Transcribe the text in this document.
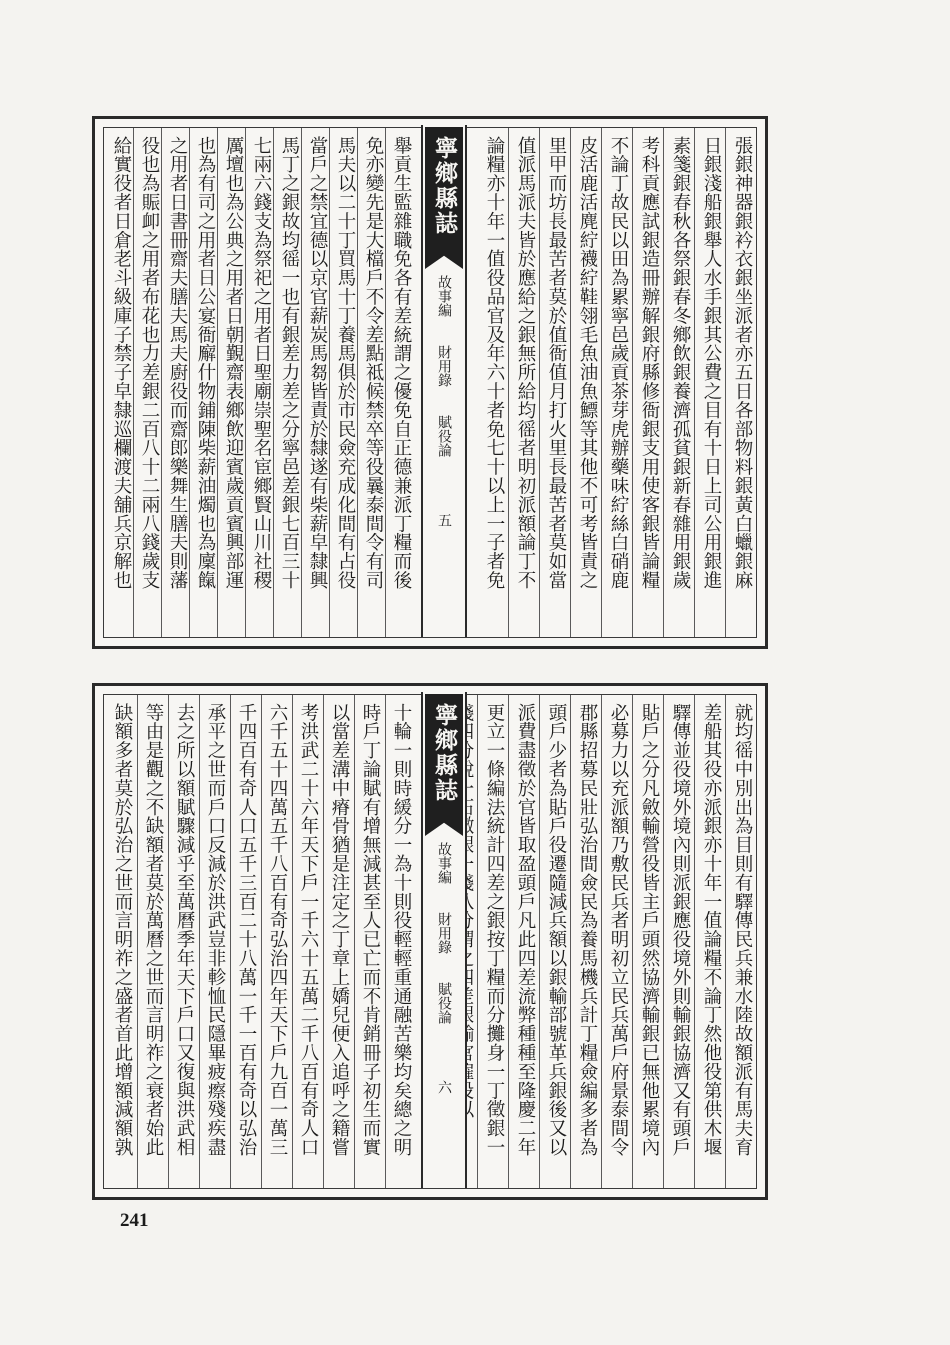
張銀神器銀衿衣銀坐派者亦五日各部物料銀黃白蠟銀麻
日銀淺船銀舉人水手銀其公費之目有十日上司公用銀進
素箋銀春秋各祭銀春冬鄉飲銀養濟孤貧銀新春雜用銀歲
考科貢應試銀造冊辦解銀府縣修衙銀支用使客銀皆論糧
不論丁故民以田為累寧邑歲貢茶芽虎辦藥味紵絲白硝鹿
皮活鹿活麂紵襪紵鞋翎毛魚油魚鰾等其他不可考皆責之
里甲而坊長最苦者莫於值衙值月打火里長最苦者莫如當
值派馬派夫皆於應給之銀無所給均徭者明初派額論丁不
論糧亦十年一值役品官及年六十者免七十以上一子者免
寧鄉縣誌
故事編　　財用錄　　賦役論　　　　五
舉貢生監雜職免各有差統謂之優免自正德兼派丁糧而後
免亦變先是大檔戶不令差點祗候禁卒等役曩泰間令有司
馬夫以二十丁買馬十丁養馬俱於市民僉充成化間有占役
當戶之禁宜德以京官薪炭馬芻皆責於隸遂有柴薪皁隸興
馬丁之銀故均徭一也有銀差力差之分寧邑差銀七百三十
七兩六錢支為祭祀之用者日聖廟崇聖名宦鄉賢山川社稷
厲壇也為公典之用者日朝覲齋表鄉飲迎賓歲貢賓興部運
也為有司之用者日公宴衙廨什物鋪陳柴薪油燭也為廩餼
之用者日書冊齋夫膳夫馬夫廚役而齋郎樂舞生膳夫則藩
役也為賑卹之用者布花也力差銀二百八十二兩八錢歲支
給實役者日倉老斗級庫子禁子皁隸巡欄渡夫舖兵京解也
就均徭中別出為目則有驛傳民兵兼水陸故額派有馬夫育
差船其役亦派銀亦十年一值論糧不論丁然他役第供木堰
驛傳並役境外境內則派銀應役境外則輸銀協濟又有頭戶
貼戶之分凡斂輸營役皆主戶頭然協濟輸銀已無他累境內
必募力以充派額乃敷民兵者明初立民兵萬戶府景泰間令
郡縣招募民壯弘治間僉民為養馬機兵計丁糧僉編多者為
頭戶少者為貼戶役遷隨減兵額以銀輸部號革兵銀後又以
派費盡徵於官皆取盈頭戶凡此四差流弊種種至隆慶二年
更立一條編法統計四差之銀按丁糧而分攤身一丁徵銀一
寧鄉縣誌
故事編　　財用錄　　賦役論　　　　六
十輪一則時緩分一為十則役輕輕重通融苦樂均矣總之明
時戶丁論賦有增無減甚至人已亡而不肯銷冊子初生而實
以當差溝中瘠骨猶是注定之丁章上嬌兒便入追呼之籍嘗
考洪武二十六年天下戶一千六十五萬二千八百有奇人口
六千五十四萬五千八百有奇弘治四年天下戶九百一萬三
千四百有奇人口五千三百二十八萬一千一百有奇以弘治
承平之世而戶口反減於洪武豈非軫恤民隱畢疲瘵殘疾盡
去之所以額賦驟減乎至萬曆季年天下戶口又復與洪武相
等由是觀之不缺額者莫於萬曆之世而言明祚之衰者始此
缺額多者莫於弘治之世而言明祚之盛者首此增額減額孰
241
